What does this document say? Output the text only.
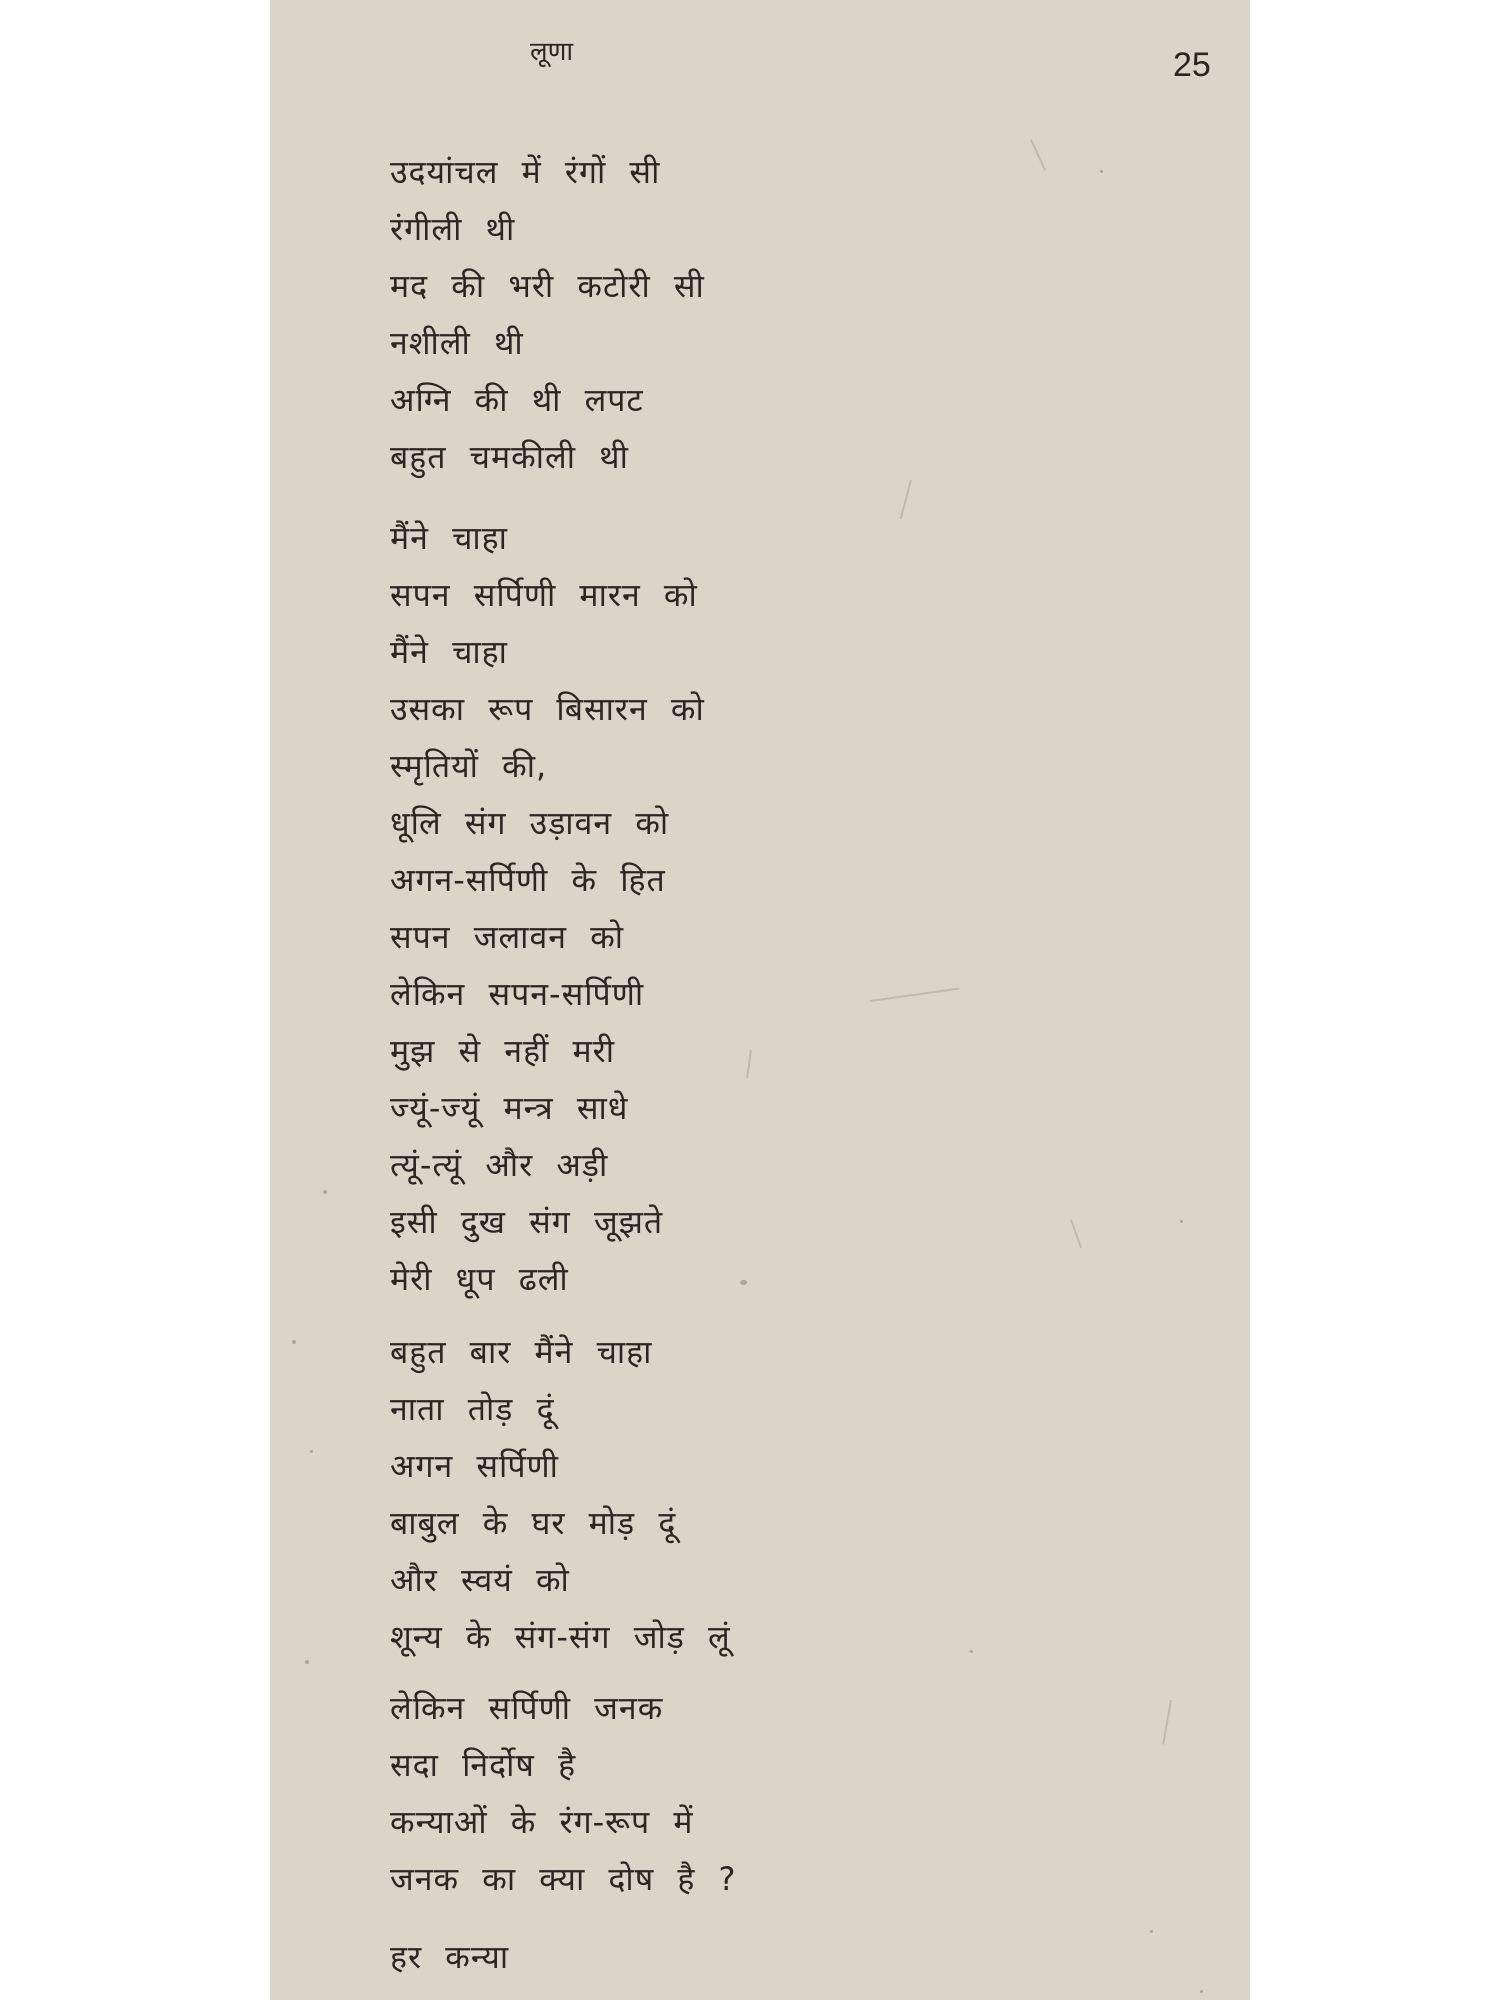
लूणा	25
उदयांचल में रंगों सी
रंगीली थी
मद की भरी कटोरी सी
नशीली थी
अग्नि की थी लपट
बहुत चमकीली थी
मैंने चाहा
सपन सर्पिणी मारन को
मैंने चाहा
उसका रूप बिसारन को
स्मृतियों की,
धूलि संग उड़ावन को
अगन-सर्पिणी के हित
सपन जलावन को
लेकिन सपन-सर्पिणी
मुझ से नहीं मरी
ज्यूं-ज्यूं मन्त्र साधे
त्यूं-त्यूं और अड़ी
इसी दुख संग जूझते
मेरी धूप ढली
बहुत बार मैंने चाहा
नाता तोड़ दूं
अगन सर्पिणी
बाबुल के घर मोड़ दूं
और स्वयं को
शून्य के संग-संग जोड़ लूं
लेकिन सर्पिणी जनक
सदा निर्दोष है
कन्याओं के रंग-रूप में
जनक का क्या दोष है ?
हर कन्या
